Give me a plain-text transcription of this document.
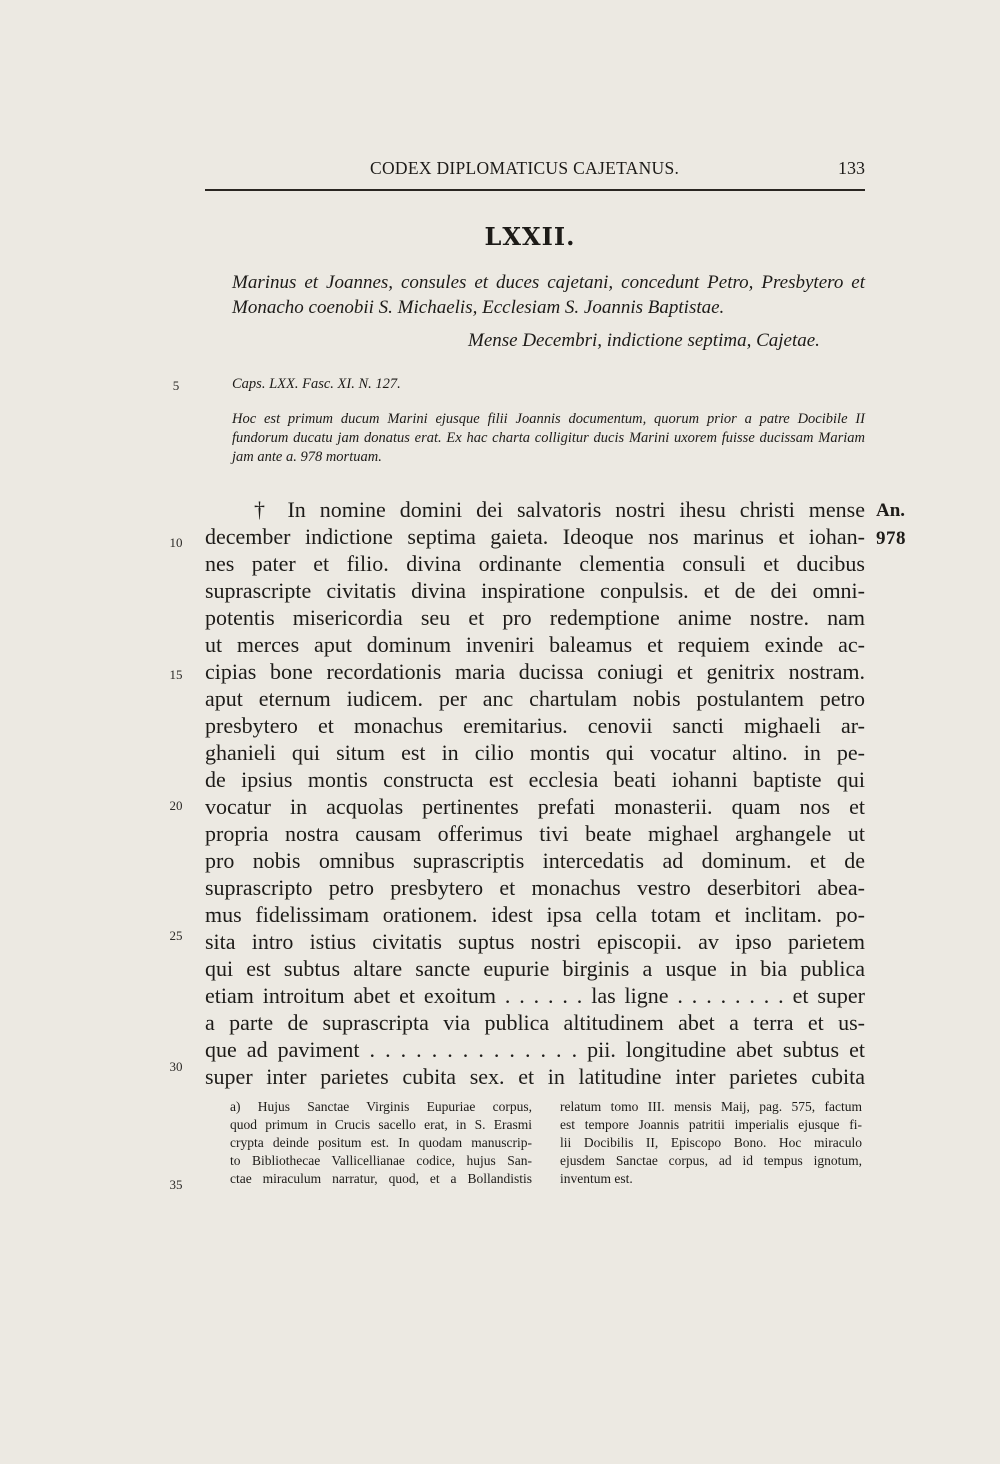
CODEX DIPLOMATICUS CAJETANUS.	133
LXXII.
Marinus et Joannes, consules et duces cajetani, concedunt Petro, Presbytero et Monacho coenobii S. Michaelis, Ecclesiam S. Joannis Baptistae.
Mense Decembri, indictione septima, Cajetae.
Caps. LXX. Fasc. XI. N. 127.
Hoc est primum ducum Marini ejusque filii Joannis documentum, quorum prior a patre Docibile II fundorum ducatu jam donatus erat. Ex hac charta colligitur ducis Marini uxorem fuisse ducissam Mariam jam ante a. 978 mortuam.
5
10
15
20
25
30
35
An.
978
† In nomine domini dei salvatoris nostri ihesu christi mense
december indictione septima gaieta. Ideoque nos marinus et iohan-
nes pater et filio. divina ordinante clementia consuli et ducibus
suprascripte civitatis divina inspiratione conpulsis. et de dei omni-
potentis misericordia seu et pro redemptione anime nostre. nam
ut merces aput dominum inveniri baleamus et requiem exinde ac-
cipias bone recordationis maria ducissa coniugi et genitrix nostram.
aput eternum iudicem. per anc chartulam nobis postulantem petro
presbytero et monachus eremitarius. cenovii sancti mighaeli ar-
ghanieli qui situm est in cilio montis qui vocatur altino. in pe-
de ipsius montis constructa est ecclesia beati iohanni baptiste qui
vocatur in acquolas pertinentes prefati monasterii. quam nos et
propria nostra causam offerimus tivi beate mighael arghangele ut
pro nobis omnibus suprascriptis intercedatis ad dominum. et de
suprascripto petro presbytero et monachus vestro deserbitori abea-
mus fidelissimam orationem. idest ipsa cella totam et inclitam. po-
sita intro istius civitatis suptus nostri episcopii. av ipso parietem
qui est subtus altare sancte eupurie birginis a usque in bia publica
etiam introitum abet et exoitum . . . . . . las ligne . . . . . . . . et super
a parte de suprascripta via publica altitudinem abet a terra et us-
que ad paviment . . . . . . . . . . . . . . pii. longitudine abet subtus et
super inter parietes cubita sex. et in latitudine inter parietes cubita
a) Hujus Sanctae Virginis Eupuriae corpus,
quod primum in Crucis sacello erat, in S. Erasmi
crypta deinde positum est. In quodam manuscrip-
to Bibliothecae Vallicellianae codice, hujus San-
ctae miraculum narratur, quod, et a Bollandistis
relatum tomo III. mensis Maij, pag. 575, factum
est tempore Joannis patritii imperialis ejusque fi-
lii Docibilis II, Episcopo Bono. Hoc miraculo
ejusdem Sanctae corpus, ad id tempus ignotum,
inventum est.
